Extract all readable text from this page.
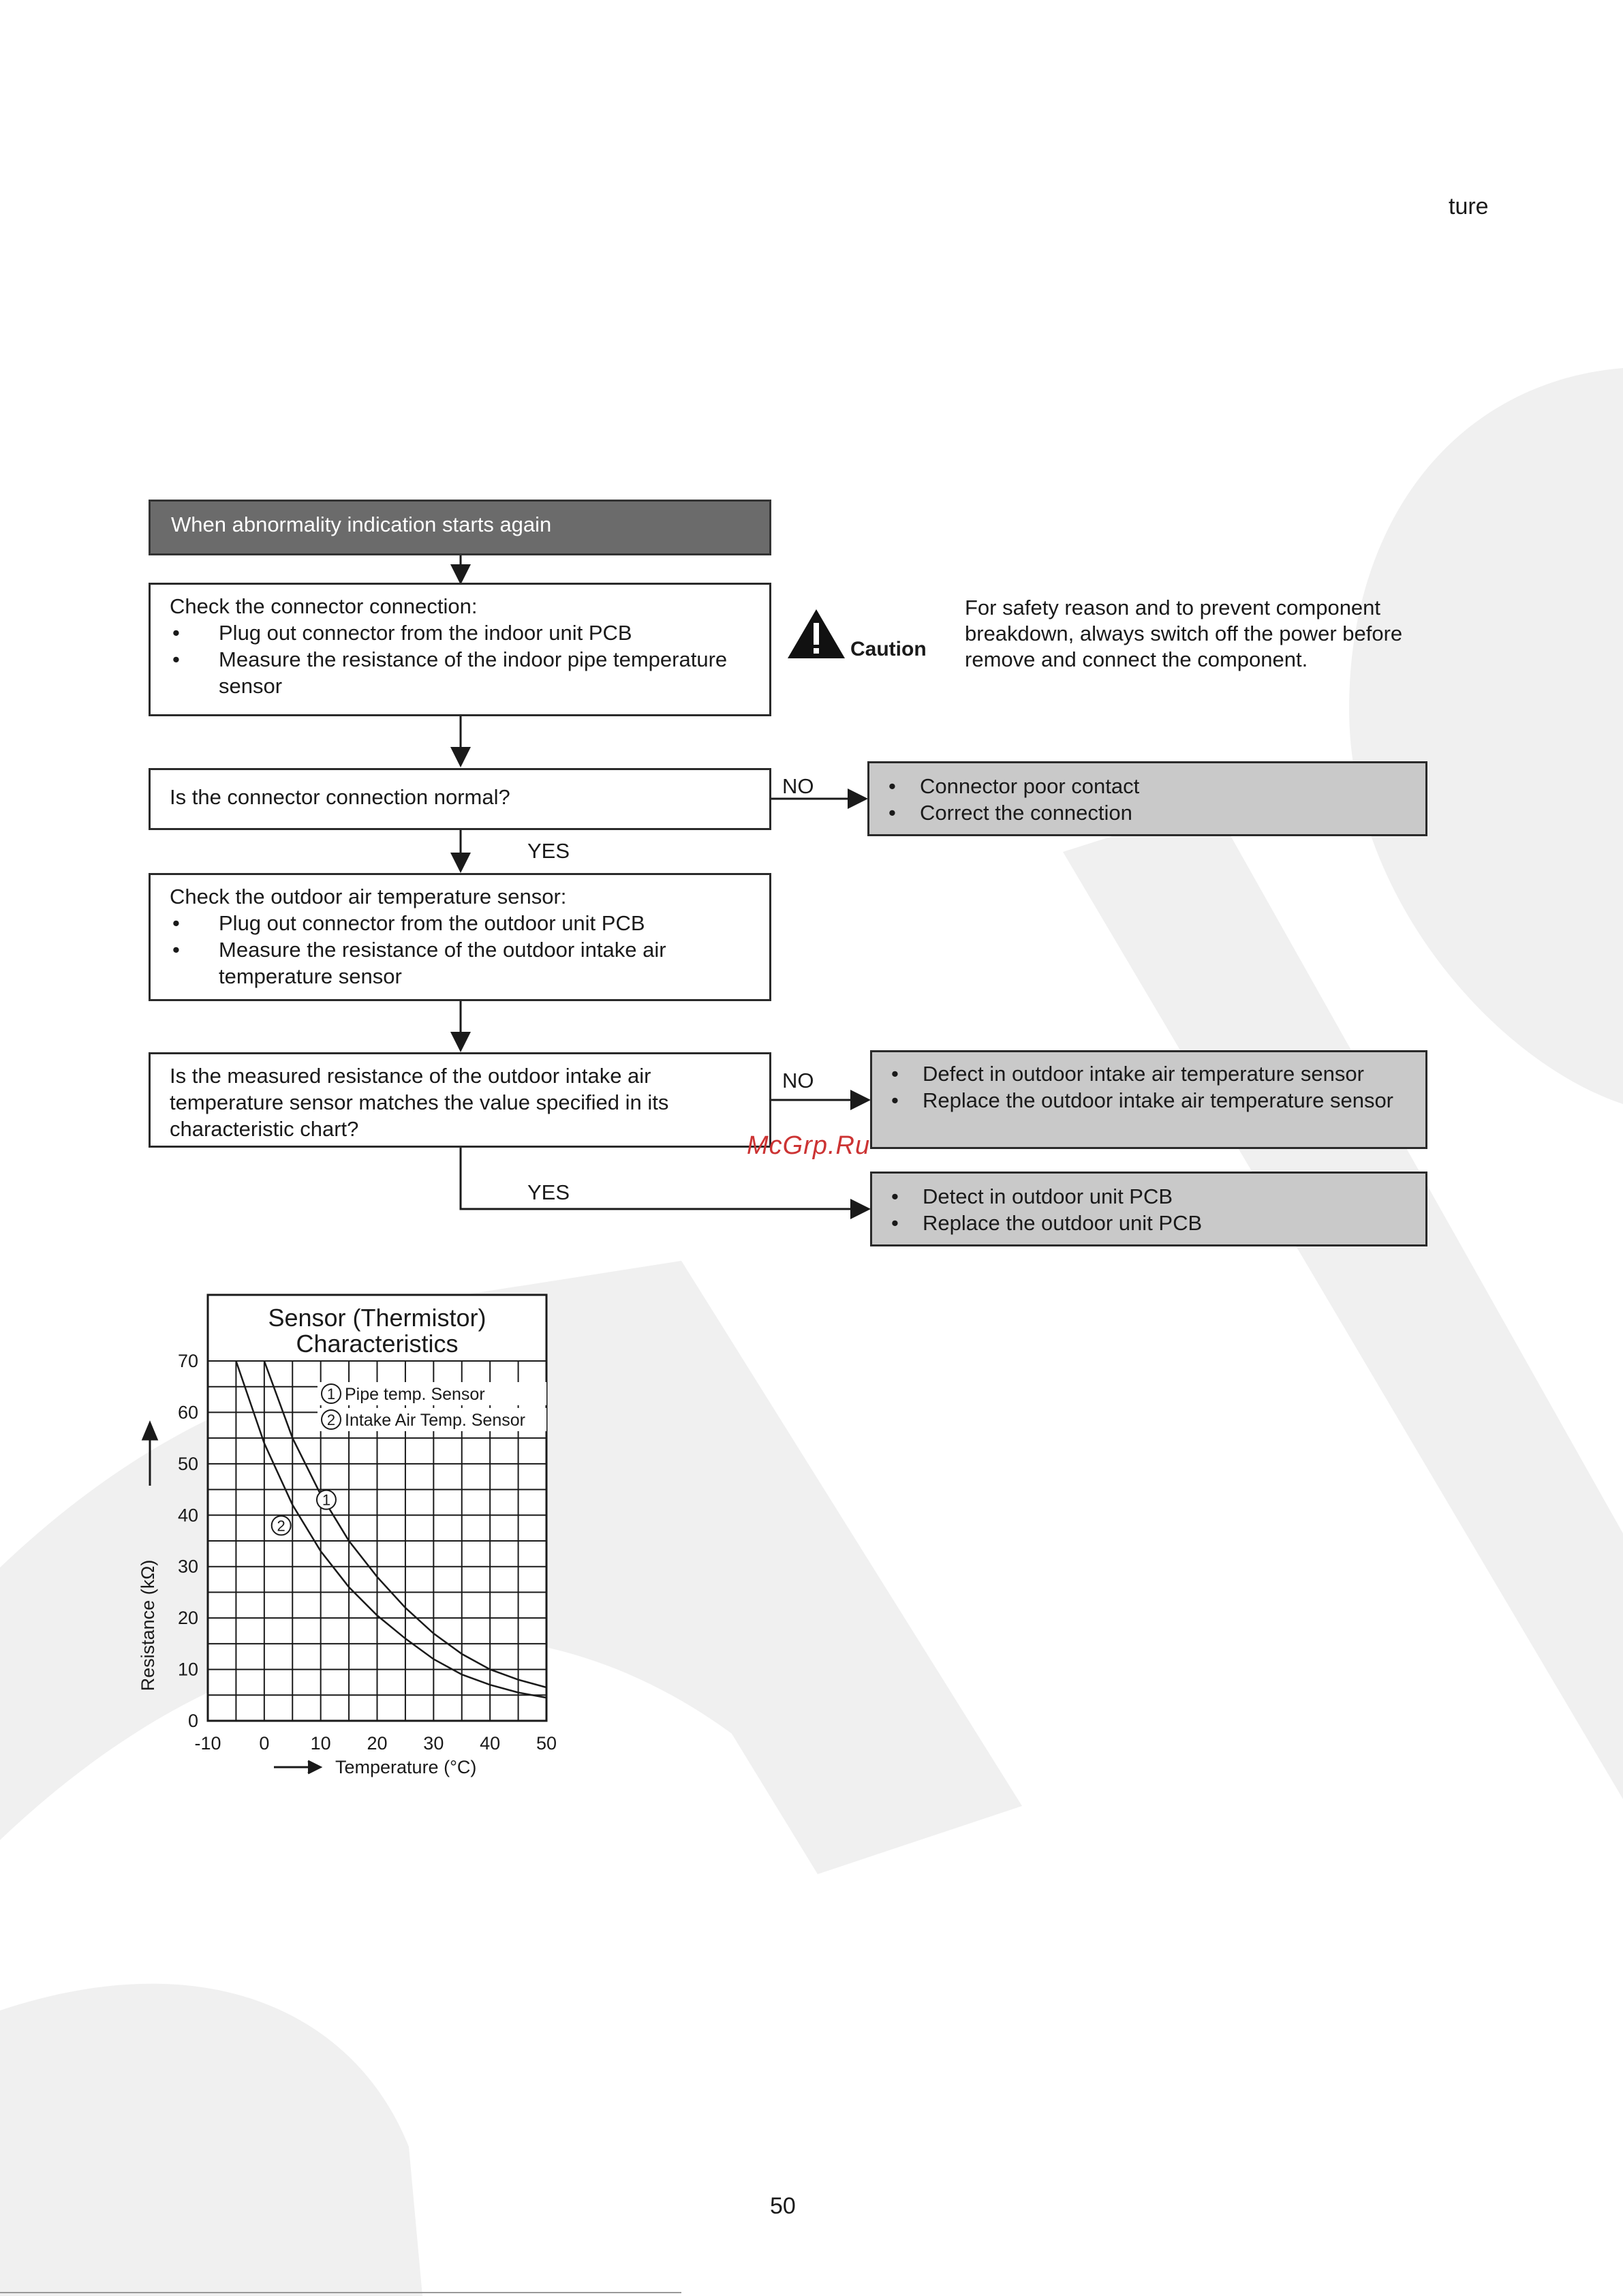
ture
When abnormality indication starts again
Check the connector connection:
• Plug out connector from the indoor unit PCB
• Measure the resistance of the indoor pipe temperature sensor
Caution
For safety reason and to prevent component breakdown, always switch off the power before remove and connect the component.
Is the connector connection normal?	NO	• Connector poor contact
• Correct the connection
YES
Check the outdoor air temperature sensor:
• Plug out connector from the outdoor unit PCB
• Measure the resistance of the outdoor intake air temperature sensor
Is the measured resistance of the outdoor intake air temperature sensor matches the value specified in its characteristic chart?
NO	• Defect in outdoor intake air temperature sensor
• Replace the outdoor intake air temperature sensor
YES	• Detect in outdoor unit PCB
• Replace the outdoor unit PCB
McGrp.Ru
1
2
Sensor (Thermistor) Characteristics
-10 0 10 20 30 40 50
0
10
20
30
40
50
60
70
Temperature (°C)
Resistance (kΩ)
1 Pipe temp. Sensor
2 Intake Air Temp. Sensor
50
